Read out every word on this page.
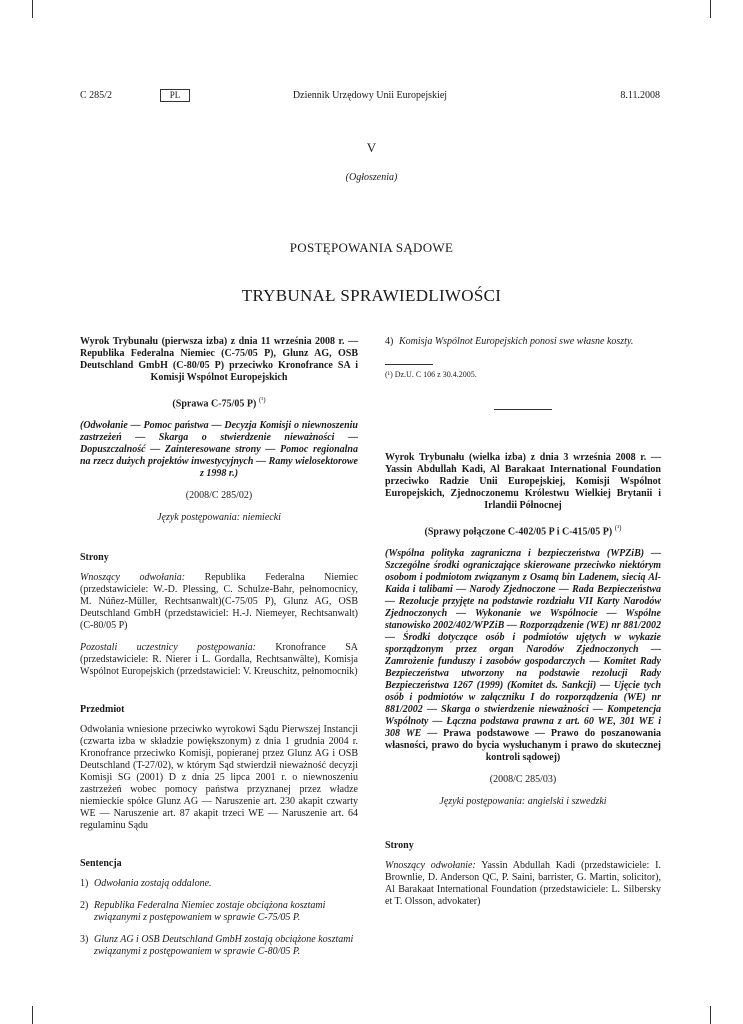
C 285/2	PL	Dziennik Urzędowy Unii Europejskiej	8.11.2008
V
(Ogłoszenia)
POSTĘPOWANIA SĄDOWE
TRYBUNAŁ SPRAWIEDLIWOŚCI
Wyrok Trybunału (pierwsza izba) z dnia 11 września 2008 r. — Republika Federalna Niemiec (C-75/05 P), Glunz AG, OSB Deutschland GmbH (C-80/05 P) przeciwko Kronofrance SA i Komisji Wspólnot Europejskich
(Sprawa C-75/05 P) $^{(^1)}$
(Odwołanie — Pomoc państwa — Decyzja Komisji o niewnoszeniu zastrzeżeń — Skarga o stwierdzenie nieważności — Dopuszczalność — Zainteresowane strony — Pomoc regionalna na rzecz dużych projektów inwestycyjnych — Ramy wielosektorowe z 1998 r.)
(2008/C 285/02)
Język postępowania: niemiecki
Strony
Wnoszący odwołania: Republika Federalna Niemiec (przedstawiciele: W.-D. Plessing, C. Schulze-Bahr, pełnomocnicy, M. Núñez-Müller, Rechtsanwalt)(C-75/05 P), Glunz AG, OSB Deutschland GmbH (przedstawiciel: H.-J. Niemeyer, Rechtsanwalt) (C-80/05 P)
Pozostali uczestnicy postępowania: Kronofrance SA (przedstawiciele: R. Nierer i L. Gordalla, Rechtsanwälte), Komisja Wspólnot Europejskich (przedstawiciel: V. Kreuschitz, pełnomocnik)
Przedmiot
Odwołania wniesione przeciwko wyrokowi Sądu Pierwszej Instancji (czwarta izba w składzie powiększonym) z dnia 1 grudnia 2004 r. Kronofrance przeciwko Komisji, popieranej przez Glunz AG i OSB Deutschland (T-27/02), w którym Sąd stwierdził nieważność decyzji Komisji SG (2001) D z dnia 25 lipca 2001 r. o niewnoszeniu zastrzeżeń wobec pomocy państwa przyznanej przez władze niemieckie spółce Glunz AG — Naruszenie art. 230 akapit czwarty WE — Naruszenie art. 87 akapit trzeci WE — Naruszenie art. 64 regulaminu Sądu
Sentencja
1) Odwołania zostają oddalone.
2) Republika Federalna Niemiec zostaje obciążona kosztami związanymi z postępowaniem w sprawie C-75/05 P.
3) Glunz AG i OSB Deutschland GmbH zostają obciążone kosztami związanymi z postępowaniem w sprawie C-80/05 P.
4) Komisja Wspólnot Europejskich ponosi swe własne koszty.
(¹) Dz.U. C 106 z 30.4.2005.
Wyrok Trybunału (wielka izba) z dnia 3 września 2008 r. — Yassin Abdullah Kadi, Al Barakaat International Foundation przeciwko Radzie Unii Europejskiej, Komisji Wspólnot Europejskich, Zjednoczonemu Królestwu Wielkiej Brytanii i Irlandii Północnej
(Sprawy połączone C-402/05 P i C-415/05 P) $^{(^1)}$
(Wspólna polityka zagraniczna i bezpieczeństwa (WPZiB) — Szczególne środki ograniczające skierowane przeciwko niektórym osobom i podmiotom związanym z Osamą bin Ladenem, siecią Al-Kaida i talibami — Narody Zjednoczone — Rada Bezpieczeństwa — Rezolucje przyjęte na podstawie rozdziału VII Karty Narodów Zjednoczonych — Wykonanie we Wspólnocie — Wspólne stanowisko 2002/402/WPZiB — Rozporządzenie (WE) nr 881/2002 — Środki dotyczące osób i podmiotów ujętych w wykazie sporządzonym przez organ Narodów Zjednoczonych — Zamrożenie funduszy i zasobów gospodarczych — Komitet Rady Bezpieczeństwa utworzony na podstawie rezolucji Rady Bezpieczeństwa 1267 (1999) (Komitet ds. Sankcji) — Ujęcie tych osób i podmiotów w załączniku I do rozporządzenia (WE) nr 881/2002 — Skarga o stwierdzenie nieważności — Kompetencja Wspólnoty — Łączna podstawa prawna z art. 60 WE, 301 WE i 308 WE — Prawa podstawowe — Prawo do poszanowania własności, prawo do bycia wysłuchanym i prawo do skutecznej kontroli sądowej)
(2008/C 285/03)
Języki postępowania: angielski i szwedzki
Strony
Wnoszący odwołanie: Yassin Abdullah Kadi (przedstawiciele: I. Brownlie, D. Anderson QC, P. Saini, barrister, G. Martin, solicitor), Al Barakaat International Foundation (przedstawiciele: L. Silbersky et T. Olsson, advokater)
